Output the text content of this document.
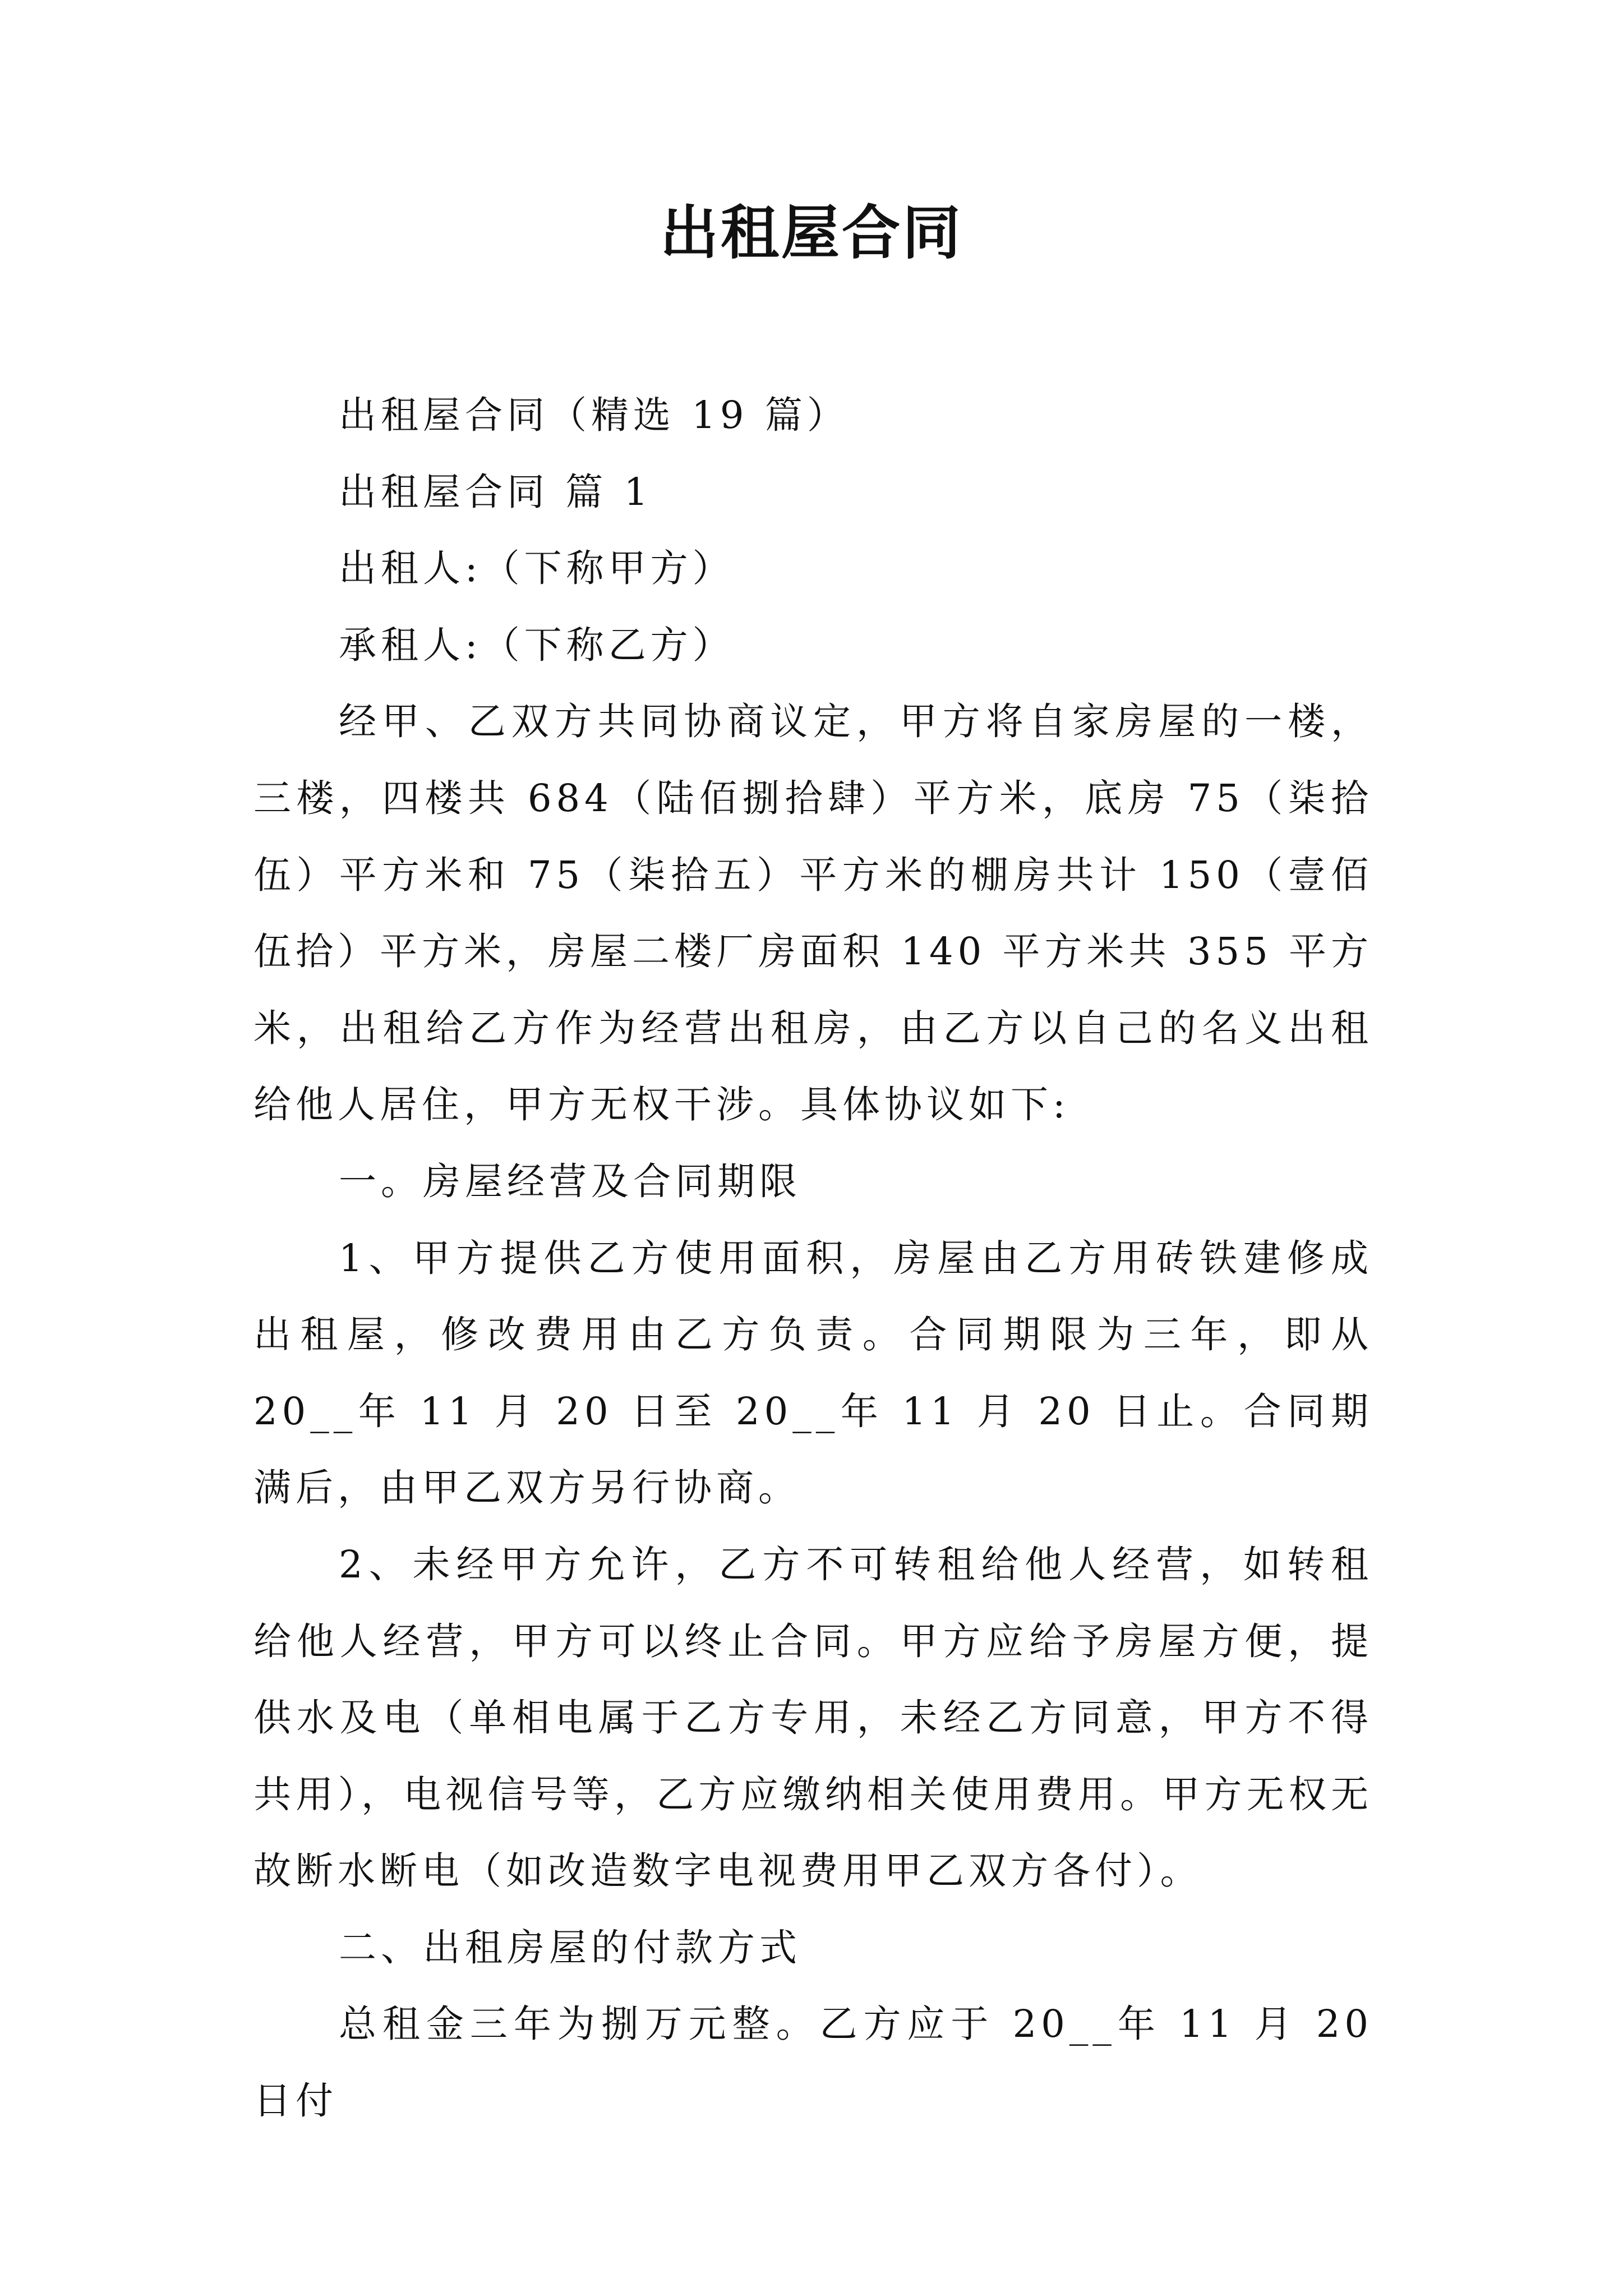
出租屋合同

出租屋合同（精选 19 篇）

出租屋合同 篇 1

出租人:（下称甲方）

承租人:（下称乙方）

经甲、乙双方共同协商议定，甲方将自家房屋的一楼，三楼，四楼共 684（陆佰捌拾肆）平方米，底房 75（柒拾伍）平方米和 75（柒拾五）平方米的棚房共计 150（壹佰伍拾）平方米，房屋二楼厂房面积 140 平方米共 355 平方米，出租给乙方作为经营出租房，由乙方以自己的名义出租给他人居住，甲方无权干涉。具体协议如下:

一。房屋经营及合同期限

1、甲方提供乙方使用面积，房屋由乙方用砖铁建修成出租屋，修改费用由乙方负责。合同期限为三年，即从 20__年 11 月 20 日至 20__年 11 月 20 日止。合同期满后，由甲乙双方另行协商。

2、未经甲方允许，乙方不可转租给他人经营，如转租给他人经营，甲方可以终止合同。甲方应给予房屋方便，提供水及电（单相电属于乙方专用，未经乙方同意，甲方不得共用），电视信号等，乙方应缴纳相关使用费用。甲方无权无故断水断电（如改造数字电视费用甲乙双方各付）。

二、出租房屋的付款方式

总租金三年为捌万元整。乙方应于 20__年 11 月 20 日付
